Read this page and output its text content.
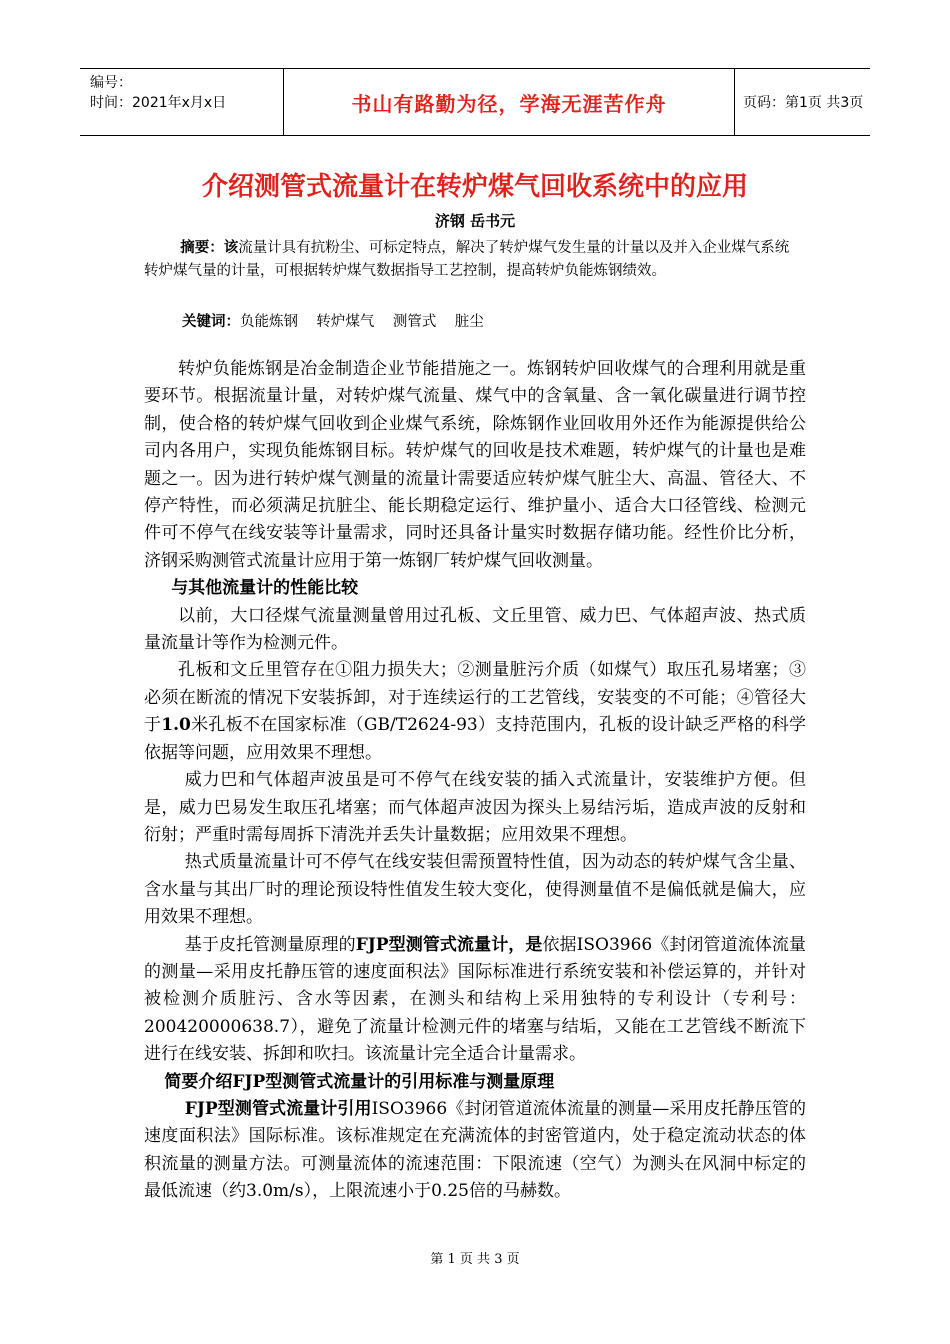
编号：
时间：2021年x月x日	书山有路勤为径，学海无涯苦作舟	页码：第1页 共3页
介绍测管式流量计在转炉煤气回收系统中的应用
济钢 岳书元
摘要：该流量计具有抗粉尘、可标定特点，解决了转炉煤气发生量的计量以及并入企业煤气系统转炉煤气量的计量，可根据转炉煤气数据指导工艺控制，提高转炉负能炼钢绩效。
关键词：负能炼钢    转炉煤气    测管式    脏尘

转炉负能炼钢是冶金制造企业节能措施之一。炼钢转炉回收煤气的合理利用就是重要环节。根据流量计量，对转炉煤气流量、煤气中的含氧量、含一氧化碳量进行调节控制，使合格的转炉煤气回收到企业煤气系统，除炼钢作业回收用外还作为能源提供给公司内各用户，实现负能炼钢目标。转炉煤气的回收是技术难题，转炉煤气的计量也是难题之一。因为进行转炉煤气测量的流量计需要适应转炉煤气脏尘大、高温、管径大、不停产特性，而必须满足抗脏尘、能长期稳定运行、维护量小、适合大口径管线、检测元件可不停气在线安装等计量需求，同时还具备计量实时数据存储功能。经性价比分析，济钢采购测管式流量计应用于第一炼钢厂转炉煤气回收测量。

与其他流量计的性能比较

以前，大口径煤气流量测量曾用过孔板、文丘里管、威力巴、气体超声波、热式质量流量计等作为检测元件。

孔板和文丘里管存在①阻力损失大；②测量脏污介质（如煤气）取压孔易堵塞；③必须在断流的情况下安装拆卸，对于连续运行的工艺管线，安装变的不可能；④管径大于1.0米孔板不在国家标准（GB/T2624-93）支持范围内，孔板的设计缺乏严格的科学依据等问题，应用效果不理想。

威力巴和气体超声波虽是可不停气在线安装的插入式流量计，安装维护方便。但是，威力巴易发生取压孔堵塞；而气体超声波因为探头上易结污垢，造成声波的反射和衍射；严重时需每周拆下清洗并丢失计量数据；应用效果不理想。

热式质量流量计可不停气在线安装但需预置特性值，因为动态的转炉煤气含尘量、含水量与其出厂时的理论预设特性值发生较大变化，使得测量值不是偏低就是偏大，应用效果不理想。

基于皮托管测量原理的FJP型测管式流量计，是依据ISO3966《封闭管道流体流量的测量—采用皮托静压管的速度面积法》国际标准进行系统安装和补偿运算的，并针对被检测介质脏污、含水等因素，在测头和结构上采用独特的专利设计（专利号：200420000638.7），避免了流量计检测元件的堵塞与结垢，又能在工艺管线不断流下进行在线安装、拆卸和吹扫。该流量计完全适合计量需求。

简要介绍FJP型测管式流量计的引用标准与测量原理

FJP型测管式流量计引用ISO3966《封闭管道流体流量的测量—采用皮托静压管的速度面积法》国际标准。该标准规定在充满流体的封密管道内，处于稳定流动状态的体积流量的测量方法。可测量流体的流速范围：下限流速（空气）为测头在风洞中标定的最低流速（约3.0m/s），上限流速小于0.25倍的马赫数。

第 1 页 共 3 页
